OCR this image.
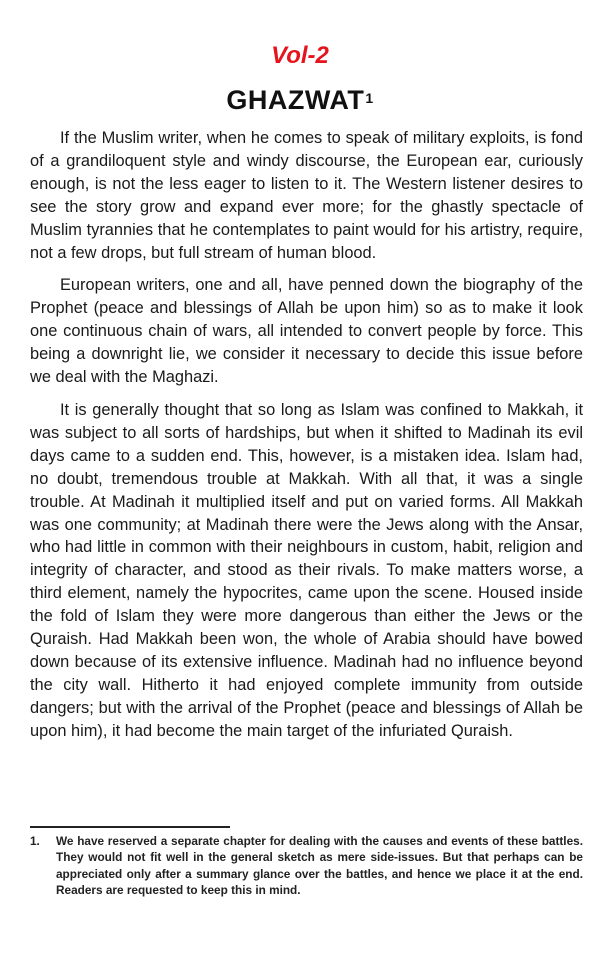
Vol-2
GHAZWAT$^1$

If the Muslim writer, when he comes to speak of military exploits, is fond of a grandiloquent style and windy discourse, the European ear, curiously enough, is not the less eager to listen to it. The Western listener desires to see the story grow and expand ever more; for the ghastly spectacle of Muslim tyrannies that he contemplates to paint would for his artistry, require, not a few drops, but full stream of human blood.

European writers, one and all, have penned down the biography of the Prophet (peace and blessings of Allah be upon him) so as to make it look one continuous chain of wars, all intended to convert people by force. This being a downright lie, we consider it necessary to decide this issue before we deal with the Maghazi.

It is generally thought that so long as Islam was confined to Makkah, it was subject to all sorts of hardships, but when it shifted to Madinah its evil days came to a sudden end. This, however, is a mistaken idea. Islam had, no doubt, tremendous trouble at Makkah. With all that, it was a single trouble. At Madinah it multiplied itself and put on varied forms. All Makkah was one community; at Madinah there were the Jews along with the Ansar, who had little in common with their neighbours in custom, habit, religion and integrity of character, and stood as their rivals. To make matters worse, a third element, namely the hypocrites, came upon the scene. Housed inside the fold of Islam they were more dangerous than either the Jews or the Quraish. Had Makkah been won, the whole of Arabia should have bowed down because of its extensive influence. Madinah had no influence beyond the city wall. Hitherto it had enjoyed complete immunity from outside dangers; but with the arrival of the Prophet (peace and blessings of Allah be upon him), it had become the main target of the infuriated Quraish.

1.	We have reserved a separate chapter for dealing with the causes and events of these battles. They would not fit well in the general sketch as mere side-issues. But that perhaps can be appreciated only after a summary glance over the battles, and hence we place it at the end. Readers are requested to keep this in mind.
